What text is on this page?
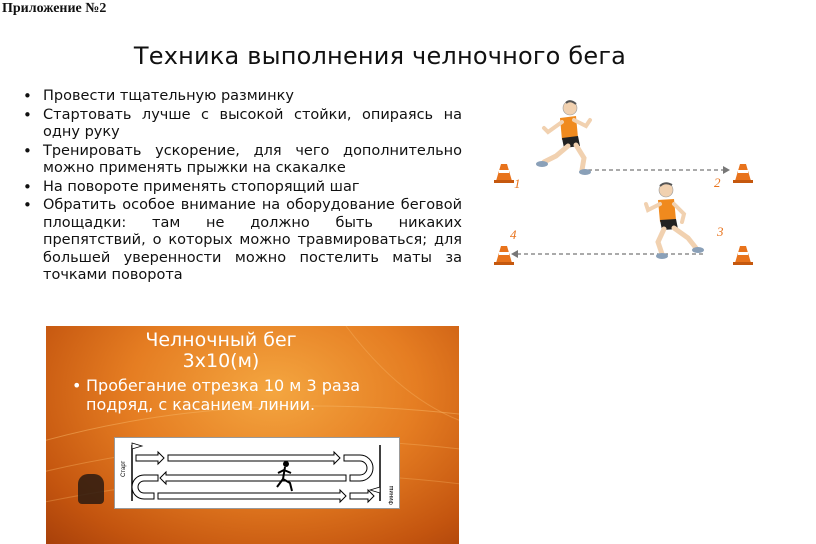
Приложение №2
Техника выполнения челночного бега
• Провести тщательную разминку
• Стартовать лучше с высокой стойки, опираясь на одну руку
• Тренировать ускорение, для чего дополнительно можно применять прыжки на скакалке
• На повороте применять стопорящий шаг
• Обратить особое внимание на оборудование беговой площадки: там не должно быть никаких препятствий, о которых можно травмироваться; для большей уверенности можно постелить маты за точками поворота
1	2
3
4
Челночный бег
3x10(м)
• Пробегание отрезка 10 м 3 раза подряд, с касанием линии.
Старт
Финиш
